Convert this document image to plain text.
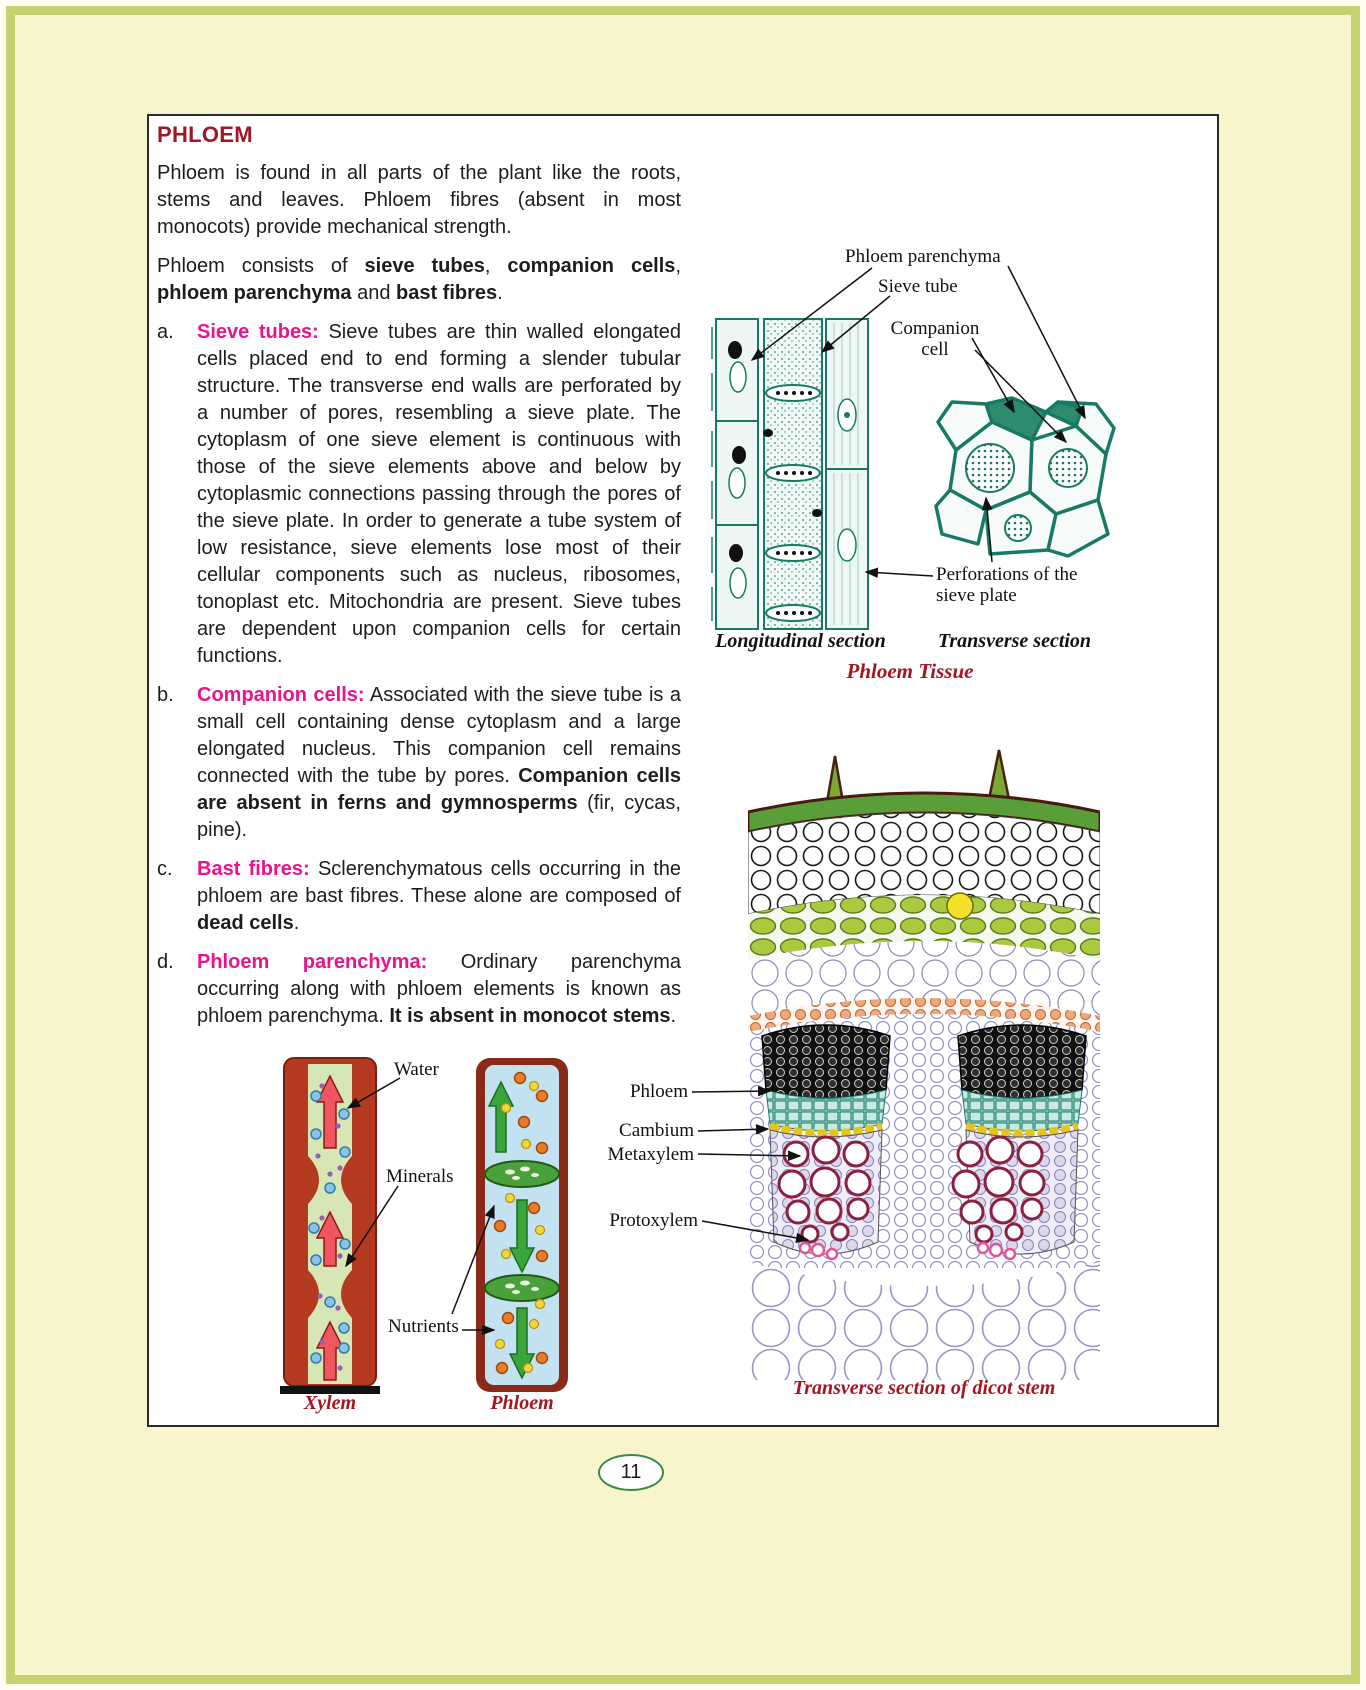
PHLOEM

Phloem is found in all parts of the plant like the roots, stems and leaves. Phloem fibres (absent in most monocots) provide mechanical strength.

Phloem consists of sieve tubes, companion cells, phloem parenchyma and bast fibres.

a. Sieve tubes: Sieve tubes are thin walled elongated cells placed end to end forming a slender tubular structure. The transverse end walls are perforated by a number of pores, resembling a sieve plate. The cytoplasm of one sieve element is continuous with those of the sieve elements above and below by cytoplasmic connections passing through the pores of the sieve plate. In order to generate a tube system of low resistance, sieve elements lose most of their cellular components such as nucleus, ribosomes, tonoplast etc. Mitochondria are present. Sieve tubes are dependent upon companion cells for certain functions.
b. Companion cells: Associated with the sieve tube is a small cell containing dense cytoplasm and a large elongated nucleus. This companion cell remains connected with the tube by pores. Companion cells are absent in ferns and gymnosperms (fir, cycas, pine).
c. Bast fibres: Sclerenchymatous cells occurring in the phloem are bast fibres. These alone are composed of dead cells.
d. Phloem parenchyma: Ordinary parenchyma occurring along with phloem elements is known as phloem parenchyma. It is absent in monocot stems.
Phloem parenchyma
Sieve tube
Companion cell
Perforations of the sieve plate
Longitudinal section	Transverse section
Phloem Tissue
Water
Minerals
Nutrients
Xylem	Phloem
Phloem
Cambium
Metaxylem
Protoxylem
Transverse section of dicot stem
11
